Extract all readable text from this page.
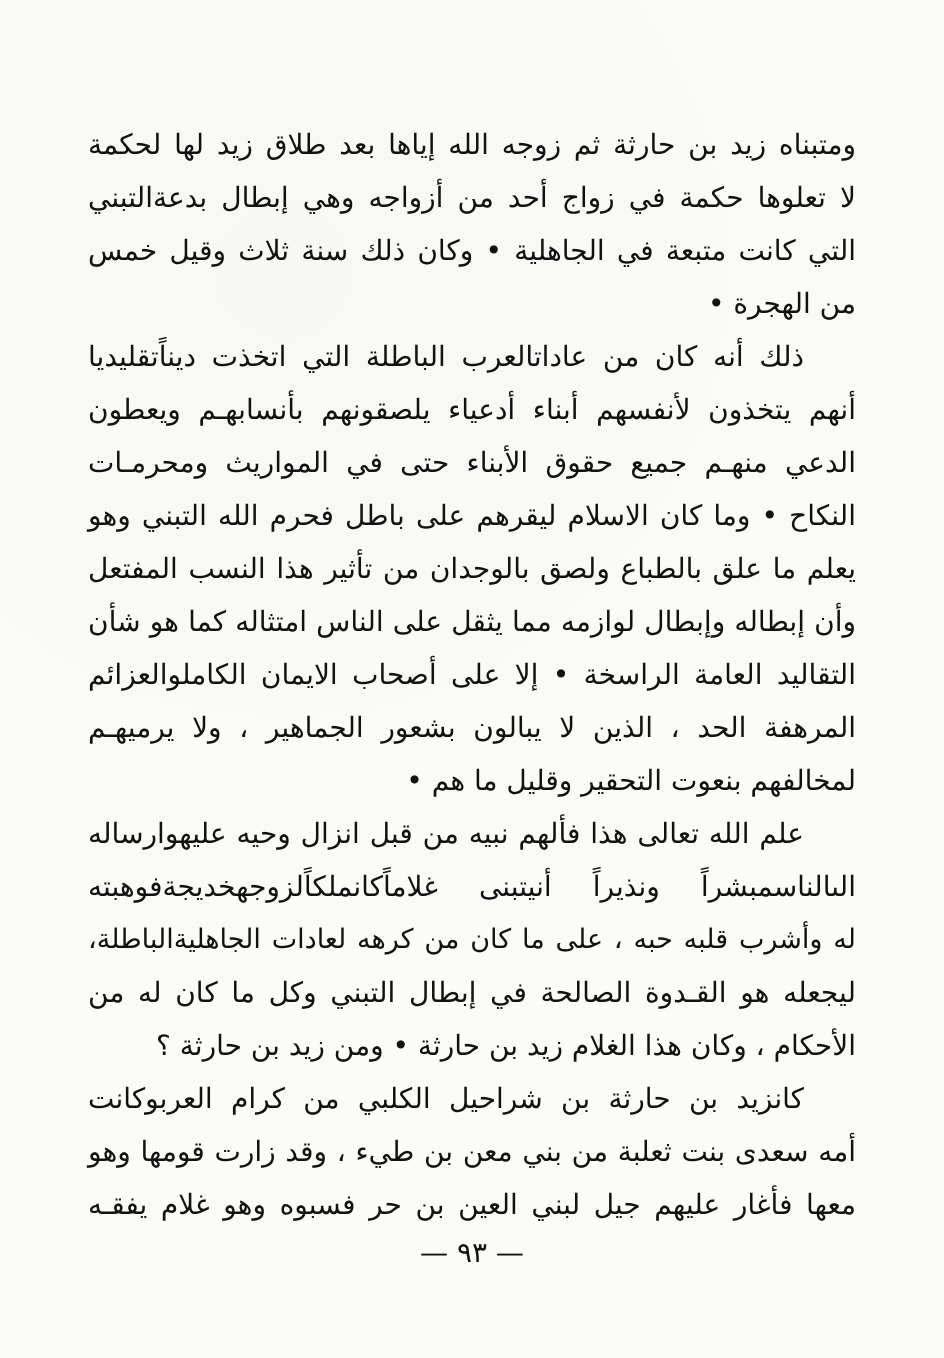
ومتبناه زيد بن حارثة ثم زوجه الله إياها بعد طلاق زيد لها لحكمة
لا تعلوها حكمة في زواج أحد من أزواجه وهي إبطال بدعةالتبني
التي كانت متبعة في الجاهلية • وكان ذلك سنة ثلاث وقيل خمس
من الهجرة •
ذلك أنه كان من عاداتالعرب الباطلة التي اتخذت ديناًتقليديا
أنهم يتخذون لأنفسهم أبناء أدعياء يلصقونهم بأنسابهـم ويعطون
الدعي منهـم جميع حقوق الأبناء حتى في المواريث ومحرمـات
النكاح • وما كان الاسلام ليقرهم على باطل فحرم الله التبني وهو
يعلم ما علق بالطباع ولصق بالوجدان من تأثير هذا النسب المفتعل
وأن إبطاله وإبطال لوازمه مما يثقل على الناس امتثاله كما هو شأن
التقاليد العامة الراسخة • إلا على أصحاب الايمان الكاملوالعزائم
المرهفة الحد ، الذين لا يبالون بشعور الجماهير ، ولا يرميهـم
لمخالفهم بنعوت التحقير وقليل ما هم •
علم الله تعالى هذا فألهم نبيه من قبل انزال وحيه عليهوارساله
الىالناسمبشراً ونذيراً أنيتبنى غلاماًكانملكاًلزوجهخديجةفوهبته
له وأشرب قلبه حبه ، على ما كان من كرهه لعادات الجاهليةالباطلة،
ليجعله هو القـدوة الصالحة في إبطال التبني وكل ما كان له من
الأحكام ، وكان هذا الغلام زيد بن حارثة • ومن زيد بن حارثة ؟
كانزيد بن حارثة بن شراحيل الكلبي من كرام العربوكانت
أمه سعدى بنت ثعلبة من بني معن بن طيء ، وقد زارت قومها وهو
معها فأغار عليهم جيل لبني العين بن حر فسبوه وهو غلام يفقـه
— ٩٣ —
